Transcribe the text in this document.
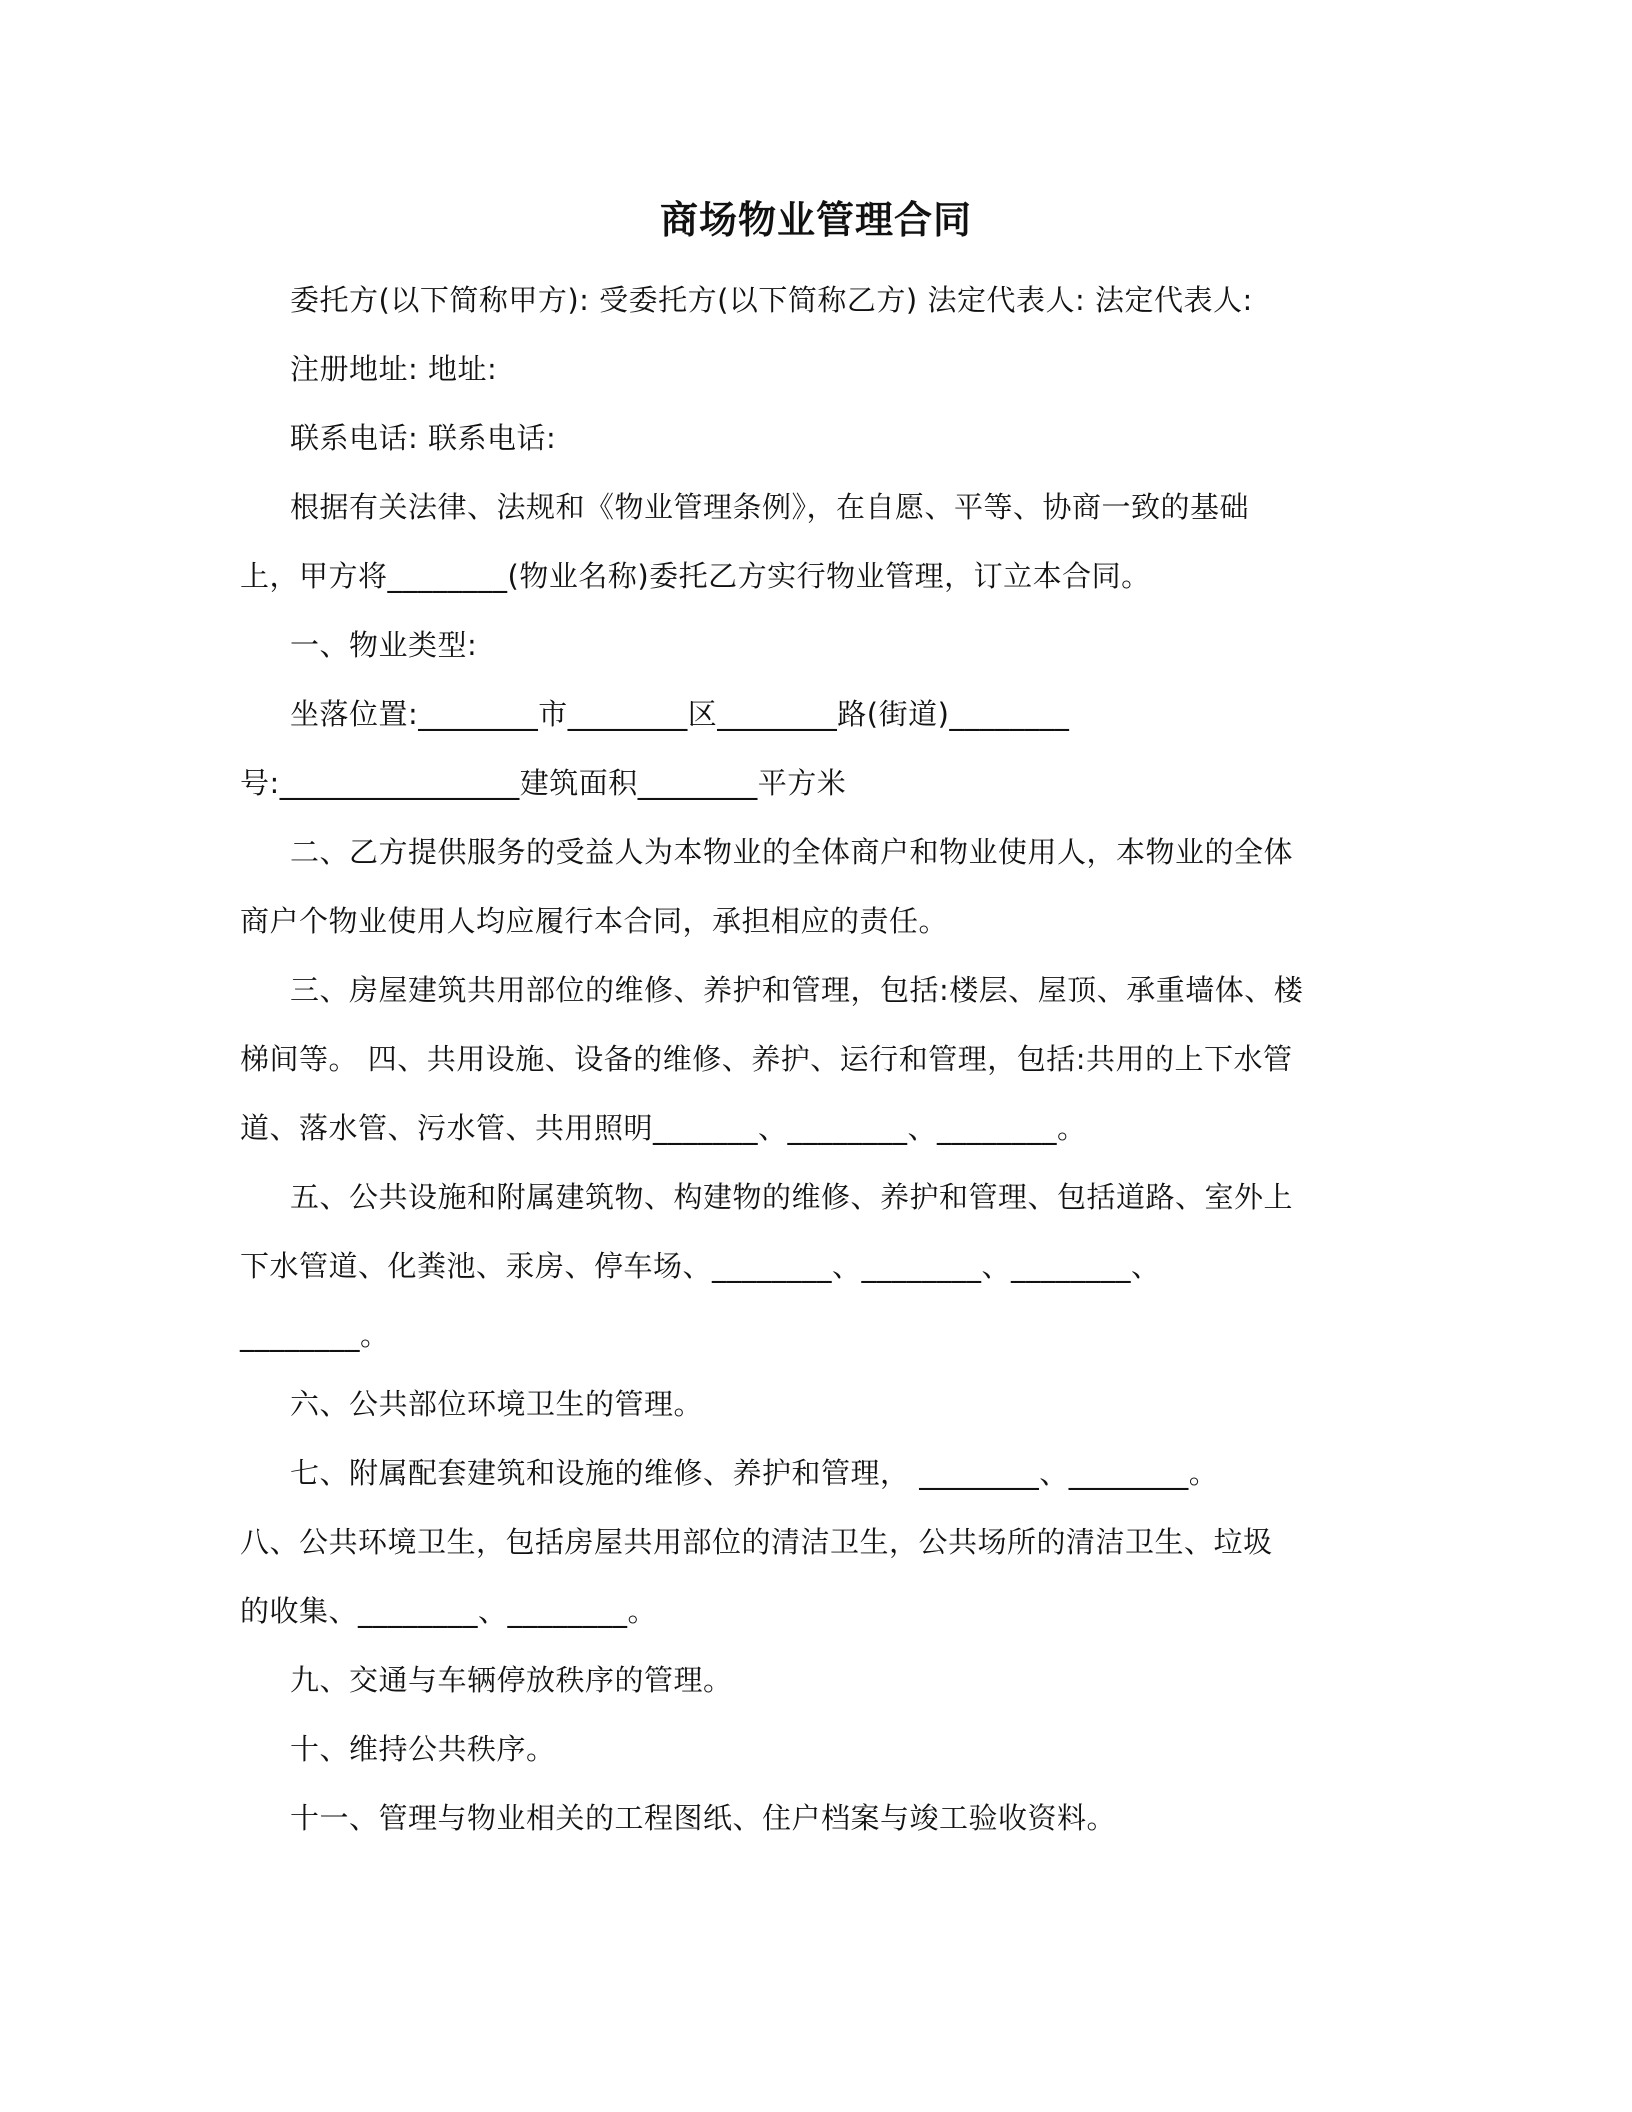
商场物业管理合同
委托方(以下简称甲方): 受委托方(以下简称乙方) 法定代表人: 法定代表人:
注册地址: 地址:
联系电话: 联系电话:
根据有关法律、法规和《物业管理条例》，在自愿、平等、协商一致的基础
上，甲方将________(物业名称)委托乙方实行物业管理，订立本合同。
一、物业类型:
坐落位置:________市________区________路(街道)________
号:________________建筑面积________平方米
二、乙方提供服务的受益人为本物业的全体商户和物业使用人，本物业的全体
商户个物业使用人均应履行本合同，承担相应的责任。
三、房屋建筑共用部位的维修、养护和管理，包括:楼层、屋顶、承重墙体、楼
梯间等。 四、共用设施、设备的维修、养护、运行和管理，包括:共用的上下水管
道、落水管、污水管、共用照明_______、________、________。
五、公共设施和附属建筑物、构建物的维修、养护和管理、包括道路、室外上
下水管道、化粪池、汞房、停车场、________、________、________、
________。
六、公共部位环境卫生的管理。
七、附属配套建筑和设施的维修、养护和管理， ________、________。
八、公共环境卫生，包括房屋共用部位的清洁卫生，公共场所的清洁卫生、垃圾
的收集、________、________。
九、交通与车辆停放秩序的管理。
十、维持公共秩序。
十一、管理与物业相关的工程图纸、住户档案与竣工验收资料。
